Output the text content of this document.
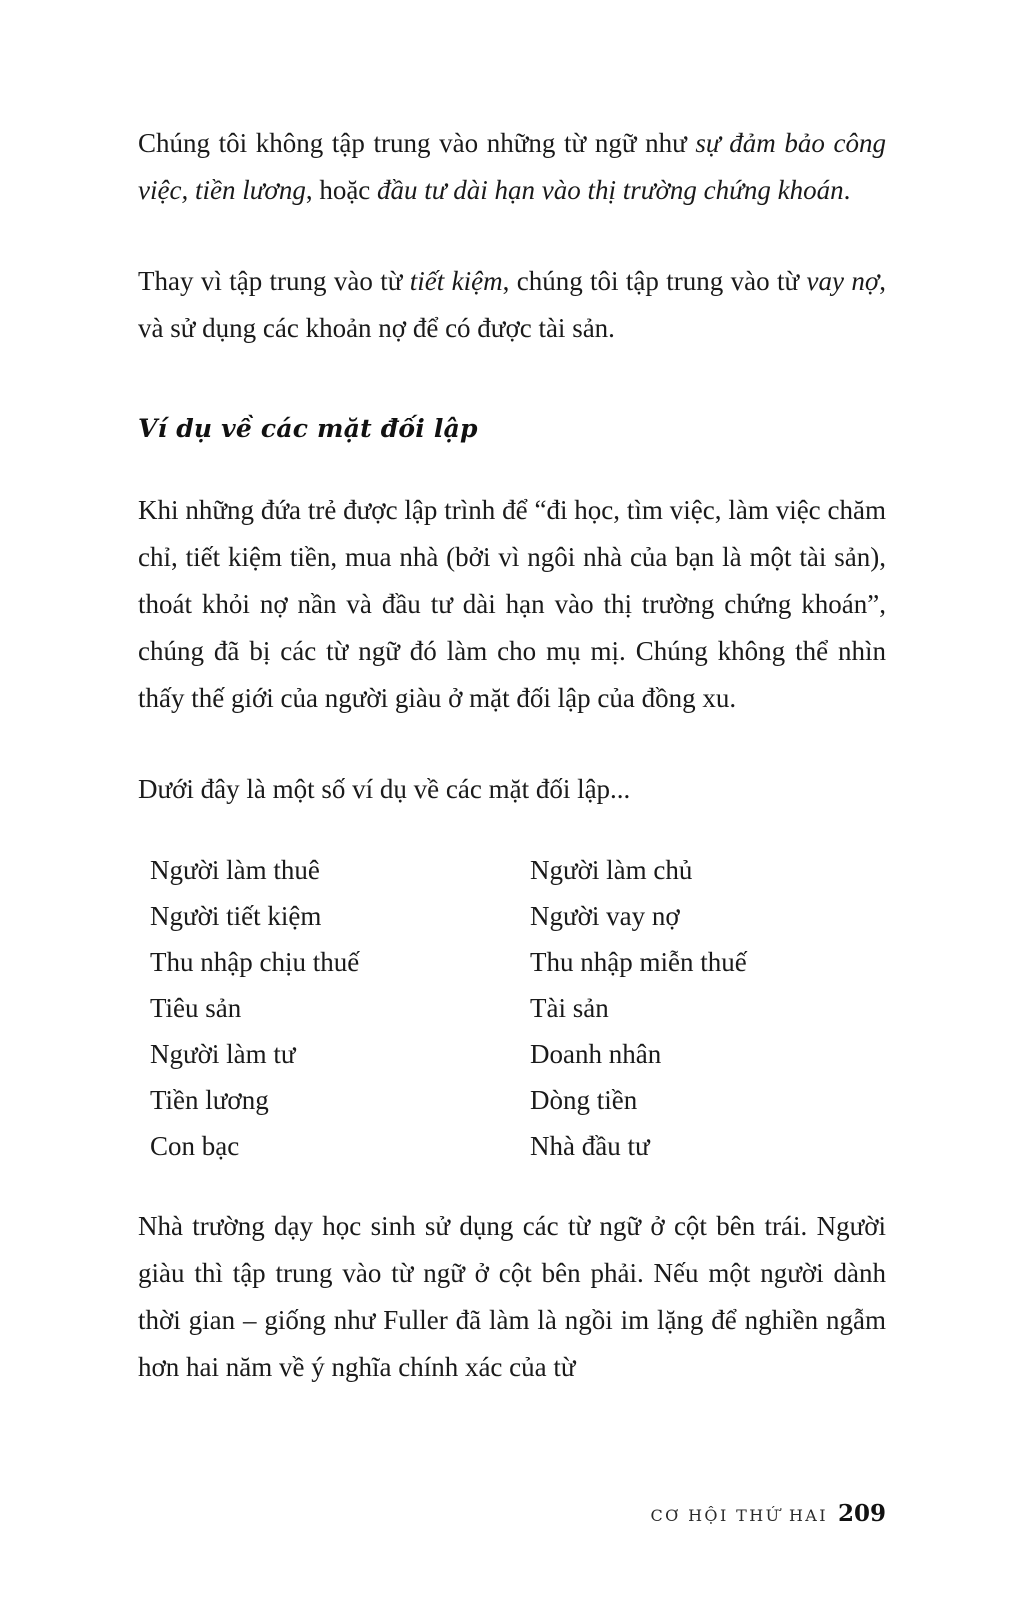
Chúng tôi không tập trung vào những từ ngữ như sự đảm bảo công việc, tiền lương, hoặc đầu tư dài hạn vào thị trường chứng khoán.

Thay vì tập trung vào từ tiết kiệm, chúng tôi tập trung vào từ vay nợ, và sử dụng các khoản nợ để có được tài sản.

Ví dụ về các mặt đối lập

Khi những đứa trẻ được lập trình để “đi học, tìm việc, làm việc chăm chỉ, tiết kiệm tiền, mua nhà (bởi vì ngôi nhà của bạn là một tài sản), thoát khỏi nợ nần và đầu tư dài hạn vào thị trường chứng khoán”, chúng đã bị các từ ngữ đó làm cho mụ mị. Chúng không thể nhìn thấy thế giới của người giàu ở mặt đối lập của đồng xu.

Dưới đây là một số ví dụ về các mặt đối lập...

Người làm thuê	Người làm chủ
Người tiết kiệm	Người vay nợ
Thu nhập chịu thuế	Thu nhập miễn thuế
Tiêu sản	Tài sản
Người làm tư	Doanh nhân
Tiền lương	Dòng tiền
Con bạc	Nhà đầu tư

Nhà trường dạy học sinh sử dụng các từ ngữ ở cột bên trái. Người giàu thì tập trung vào từ ngữ ở cột bên phải. Nếu một người dành thời gian – giống như Fuller đã làm là ngồi im lặng để nghiền ngẫm hơn hai năm về ý nghĩa chính xác của từ

CƠ HỘI THỨ HAI 209
